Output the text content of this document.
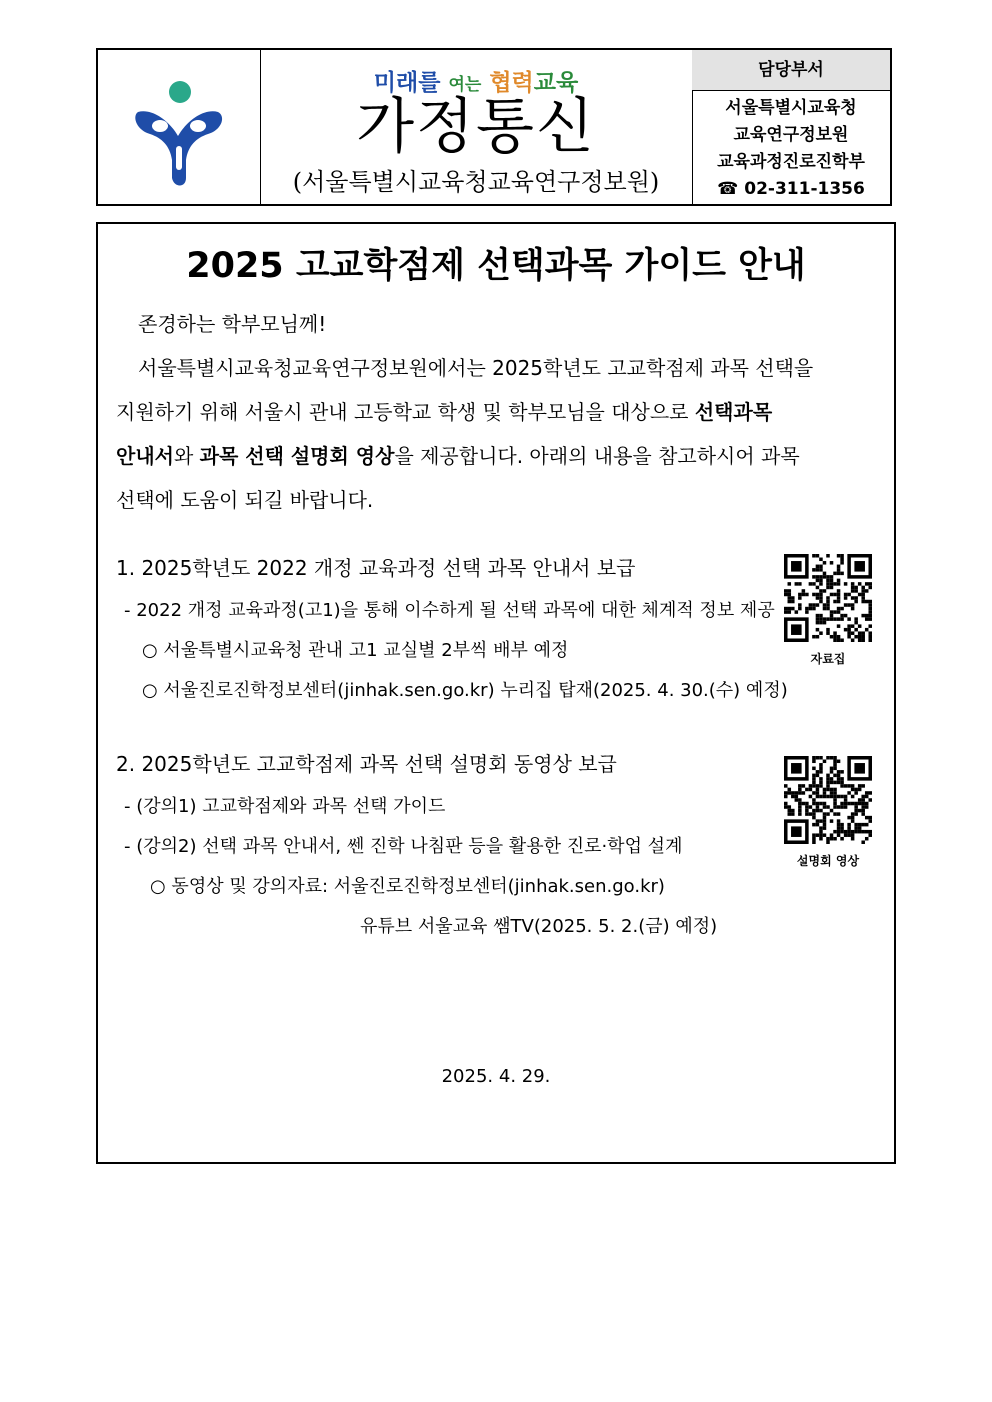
미래를 여는 협력교육
가정통신
(서울특별시교육청교육연구정보원)
담당부서
서울특별시교육청
교육연구정보원
교육과정진로진학부
☎ 02-311-1356
2025 고교학점제 선택과목 가이드 안내
존경하는 학부모님께!
서울특별시교육청교육연구정보원에서는 2025학년도 고교학점제 과목 선택을
지원하기 위해 서울시 관내 고등학교 학생 및 학부모님을 대상으로 선택과목
안내서와 과목 선택 설명회 영상을 제공합니다. 아래의 내용을 참고하시어 과목
선택에 도움이 되길 바랍니다.
1. 2025학년도 2022 개정 교육과정 선택 과목 안내서 보급
- 2022 개정 교육과정(고1)을 통해 이수하게 될 선택 과목에 대한 체계적 정보 제공
○ 서울특별시교육청 관내 고1 교실별 2부씩 배부 예정
○ 서울진로진학정보센터(jinhak.sen.go.kr) 누리집 탑재(2025. 4. 30.(수) 예정)
자료집
2. 2025학년도 고교학점제 과목 선택 설명회 동영상 보급
- (강의1) 고교학점제와 과목 선택 가이드
- (강의2) 선택 과목 안내서, 쎈 진학 나침판 등을 활용한 진로·학업 설계
○ 동영상 및 강의자료: 서울진로진학정보센터(jinhak.sen.go.kr)
유튜브 서울교육 쌤TV(2025. 5. 2.(금) 예정)
설명회 영상
2025. 4. 29.
